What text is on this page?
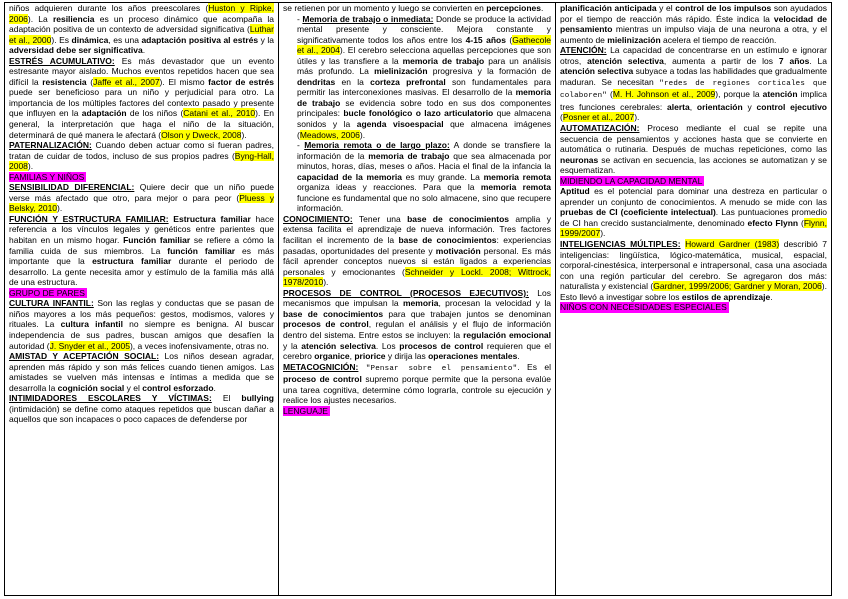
niños adquieren durante los años preescolares (Huston y Ripke, 2006). La resiliencia es un proceso dinámico que acompaña la adaptación positiva de un contexto de adversidad significativa (Luthar et al., 2000). Es dinámica, es una adaptación positiva al estrés y la adversidad debe ser significativa.

ESTRÉS ACUMULATIVO: Es más devastador que un evento estresante mayor aislado. Muchos eventos repetidos hacen que sea difícil la resistencia (Jaffe et al., 2007). El mismo factor de estrés puede ser beneficioso para un niño y perjudicial para otro. La importancia de los múltiples factores del contexto pasado y presente que influyen en la adaptación de los niños (Catani et al., 2010). En general, la interpretación que haga el niño de la situación, determinará de qué manera le afectará (Olson y Dweck, 2008).

PATERNALIZACIÓN: Cuando deben actuar como si fueran padres, tratan de cuidar de todos, incluso de sus propios padres (Byng-Hall, 2008).

FAMILIAS Y NIÑOS

SENSIBILIDAD DIFERENCIAL: Quiere decir que un niño puede verse más afectado que otro, para mejor o para peor (Pluess y Belsky, 2010).

FUNCIÓN Y ESTRUCTURA FAMILIAR: Estructura familiar hace referencia a los vínculos legales y genéticos entre parientes que habitan en un mismo hogar. Función familiar se refiere a cómo la familia cuida de sus miembros. La función familiar es más importante que la estructura familiar durante el periodo de desarrollo. La gente necesita amor y estímulo de la familia más allá de una estructura.

GRUPO DE PARES

CULTURA INFANTIL: Son las reglas y conductas que se pasan de niños mayores a los más pequeños: gestos, modismos, valores y rituales. La cultura infantil no siempre es benigna. Al buscar independencia de sus padres, buscan amigos que desafíen la autoridad (J. Snyder et al., 2005), a veces inofensivamente, otras no.

AMISTAD Y ACEPTACIÓN SOCIAL: Los niños desean agradar, aprenden más rápido y son más felices cuando tienen amigos. Las amistades se vuelven más intensas e íntimas a medida que se desarrolla la cognición social y el control esforzado.

INTIMIDADORES ESCOLARES Y VÍCTIMAS: El bullying (intimidación) se define como ataques repetidos que buscan dañar a aquellos que son incapaces o poco capaces de defenderse por

se retienen por un momento y luego se convierten en percepciones.

- Memoria de trabajo o inmediata: Donde se produce la actividad mental presente y consciente. Mejora constante y significativamente todos los años entre los 4-15 años (Gathecole et al., 2004). El cerebro selecciona aquellas percepciones que son útiles y las transfiere a la memoria de trabajo para un análisis más profundo. La mielinización progresiva y la formación de dendritas en la corteza prefrontal son fundamentales para permitir las interconexiones masivas. El desarrollo de la memoria de trabajo se evidencia sobre todo en sus dos componentes principales: bucle fonológico o lazo articulatorio que almacena sonidos y la agenda visoespacial que almacena imágenes (Meadows, 2006).

- Memoria remota o de largo plazo: A donde se transfiere la información de la memoria de trabajo que sea almacenada por minutos, horas, días, meses o años. Hacia el final de la infancia la capacidad de la memoria es muy grande. La memoria remota organiza ideas y reacciones. Para que la memoria remota funcione es fundamental que no solo almacene, sino que recupere información.

CONOCIMIENTO: Tener una base de conocimientos amplia y extensa facilita el aprendizaje de nueva información. Tres factores facilitan el incremento de la base de conocimientos: experiencias pasadas, oportunidades del presente y motivación personal. Es más fácil aprender conceptos nuevos si están ligados a experiencias personales y emocionantes (Schneider y Lockl. 2008; Wittrock, 1978/2010).

PROCESOS DE CONTROL (PROCESOS EJECUTIVOS): Los mecanismos que impulsan la memoria, procesan la velocidad y la base de conocimientos para que trabajen juntos se denominan procesos de control, regulan el análisis y el flujo de información dentro del sistema. Entre estos se incluyen: la regulación emocional y la atención selectiva. Los procesos de control requieren que el cerebro organice, priorice y dirija las operaciones mentales.

METACOGNICIÓN: "Pensar sobre el pensamiento". Es el proceso de control supremo porque permite que la persona evalúe una tarea cognitiva, determine cómo lograrla, controle su ejecución y realice los ajustes necesarios.

LENGUAJE

planificación anticipada y el control de los impulsos son ayudados por el tiempo de reacción más rápido. Éste indica la velocidad de pensamiento mientras un impulso viaja de una neurona a otra, y el aumento de mielinización acelera el tiempo de reacción.

ATENCIÓN: La capacidad de concentrarse en un estímulo e ignorar otros, atención selectiva, aumenta a partir de los 7 años. La atención selectiva subyace a todas las habilidades que gradualmente maduran. Se necesitan "redes de regiones corticales que colaboren" (M. H. Johnson et al., 2009), porque la atención implica tres funciones cerebrales: alerta, orientación y control ejecutivo (Posner et al., 2007).

AUTOMATIZACIÓN: Proceso mediante el cual se repite una secuencia de pensamientos y acciones hasta que se convierte en automática o rutinaria. Después de muchas repeticiones, como las neuronas se activan en secuencia, las acciones se automatizan y se esquematizan.

MIDIENDO LA CAPACIDAD MENTAL

Aptitud es el potencial para dominar una destreza en particular o aprender un conjunto de conocimientos. A menudo se mide con las pruebas de CI (coeficiente intelectual). Las puntuaciones promedio de CI han crecido sustancialmente, denominado efecto Flynn (Flynn, 1999/2007).

INTELIGENCIAS MÚLTIPLES: Howard Gardner (1983) describió 7 inteligencias: lingüística, lógico-matemática, musical, espacial, corporal-cinestésica, interpersonal e intrapersonal, casa una asociada con una región particular del cerebro. Se agregaron dos más: naturalista y existencial (Gardner, 1999/2006; Gardner y Moran, 2006). Esto llevó a investigar sobre los estilos de aprendizaje.

NIÑOS CON NECESIDADES ESPECIALES
